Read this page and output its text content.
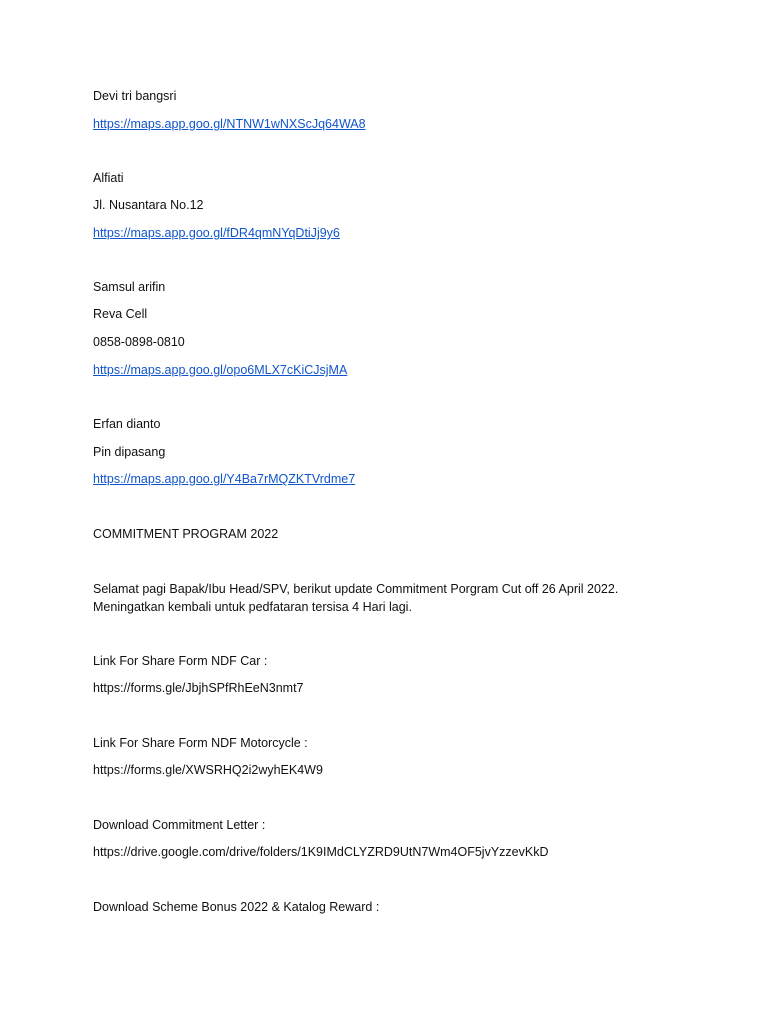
Devi tri bangsri
https://maps.app.goo.gl/NTNW1wNXScJq64WA8
Alfiati
Jl. Nusantara No.12
https://maps.app.goo.gl/fDR4qmNYqDtiJj9y6
Samsul arifin
Reva Cell
0858-0898-0810
https://maps.app.goo.gl/opo6MLX7cKiCJsjMA
Erfan dianto
Pin dipasang
https://maps.app.goo.gl/Y4Ba7rMQZKTVrdme7
COMMITMENT PROGRAM 2022
Selamat pagi Bapak/Ibu Head/SPV, berikut update Commitment Porgram Cut off 26 April 2022.
Meningatkan kembali untuk pedfataran tersisa 4 Hari lagi.
Link For Share Form NDF Car :
https://forms.gle/JbjhSPfRhEeN3nmt7
Link For Share Form NDF Motorcycle :
https://forms.gle/XWSRHQ2i2wyhEK4W9
Download Commitment Letter :
https://drive.google.com/drive/folders/1K9IMdCLYZRD9UtN7Wm4OF5jvYzzevKkD
Download Scheme Bonus 2022 & Katalog Reward :
